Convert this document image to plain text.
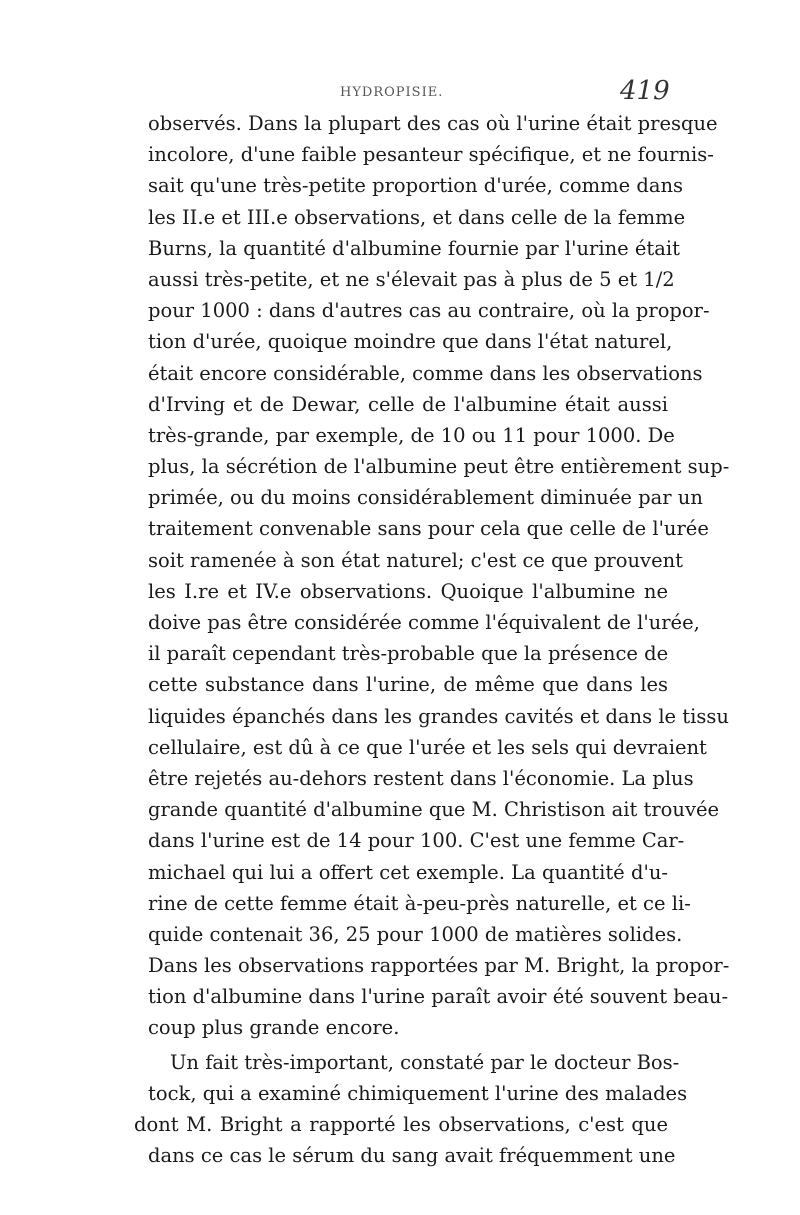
HYDROPISIE.	419
observés. Dans la plupart des cas où l'urine était presque
incolore, d'une faible pesanteur spécifique, et ne fournis-
sait qu'une très-petite proportion d'urée, comme dans
les II.e et III.e observations, et dans celle de la femme
Burns, la quantité d'albumine fournie par l'urine était
aussi très-petite, et ne s'élevait pas à plus de 5 et 1/2
pour 1000 : dans d'autres cas au contraire, où la propor-
tion d'urée, quoique moindre que dans l'état naturel,
était encore considérable, comme dans les observations
d'Irving et de Dewar, celle de l'albumine était aussi
très-grande, par exemple, de 10 ou 11 pour 1000. De
plus, la sécrétion de l'albumine peut être entièrement sup-
primée, ou du moins considérablement diminuée par un
traitement convenable sans pour cela que celle de l'urée
soit ramenée à son état naturel; c'est ce que prouvent
les I.re et IV.e observations. Quoique l'albumine ne
doive pas être considérée comme l'équivalent de l'urée,
il paraît cependant très-probable que la présence de
cette substance dans l'urine, de même que dans les
liquides épanchés dans les grandes cavités et dans le tissu
cellulaire, est dû à ce que l'urée et les sels qui devraient
être rejetés au-dehors restent dans l'économie. La plus
grande quantité d'albumine que M. Christison ait trouvée
dans l'urine est de 14 pour 100. C'est une femme Car-
michael qui lui a offert cet exemple. La quantité d'u-
rine de cette femme était à-peu-près naturelle, et ce li-
quide contenait 36, 25 pour 1000 de matières solides.
Dans les observations rapportées par M. Bright, la propor-
tion d'albumine dans l'urine paraît avoir été souvent beau-
coup plus grande encore.
Un fait très-important, constaté par le docteur Bos-
tock, qui a examiné chimiquement l'urine des malades
dont M. Bright a rapporté les observations, c'est que
dans ce cas le sérum du sang avait fréquemment une
